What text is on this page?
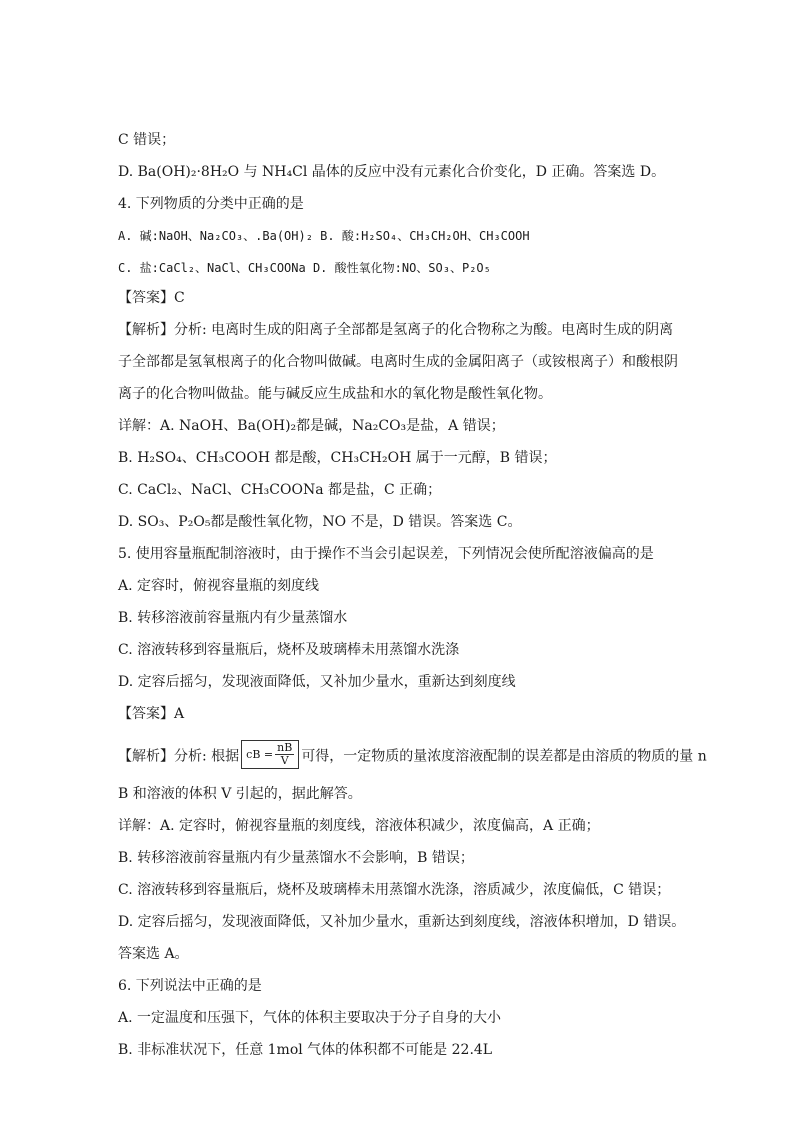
C 错误；
D. Ba(OH)₂·8H₂O 与 NH₄Cl 晶体的反应中没有元素化合价变化，D 正确。答案选 D。
4. 下列物质的分类中正确的是
A. 碱:NaOH、Na₂CO₃、.Ba(OH)₂ B. 酸:H₂SO₄、CH₃CH₂OH、CH₃COOH
C. 盐:CaCl₂、NaCl、CH₃COONa D. 酸性氧化物:NO、SO₃、P₂O₅
【答案】C
【解析】分析: 电离时生成的阳离子全部都是氢离子的化合物称之为酸。电离时生成的阴离
子全部都是氢氧根离子的化合物叫做碱。电离时生成的金属阳离子（或铵根离子）和酸根阴
离子的化合物叫做盐。能与碱反应生成盐和水的氧化物是酸性氧化物。
详解：A. NaOH、Ba(OH)₂都是碱，Na₂CO₃是盐，A 错误；
B. H₂SO₄、CH₃COOH 都是酸，CH₃CH₂OH 属于一元醇，B 错误；
C. CaCl₂、NaCl、CH₃COONa 都是盐，C 正确；
D. SO₃、P₂O₅都是酸性氧化物，NO 不是，D 错误。答案选 C。
5. 使用容量瓶配制溶液时，由于操作不当会引起误差，下列情况会使所配溶液偏高的是
A. 定容时，俯视容量瓶的刻度线
B. 转移溶液前容量瓶内有少量蒸馏水
C. 溶液转移到容量瓶后，烧杯及玻璃棒未用蒸馏水洗涤
D. 定容后摇匀，发现液面降低，又补加少量水，重新达到刻度线
【答案】A
【解析】分析: 根据 cB = $\frac{nB}{V}$ 可得，一定物质的量浓度溶液配制的误差都是由溶质的物质的量 n
B 和溶液的体积 V 引起的，据此解答。
详解：A. 定容时，俯视容量瓶的刻度线，溶液体积减少，浓度偏高，A 正确；
B. 转移溶液前容量瓶内有少量蒸馏水不会影响，B 错误；
C. 溶液转移到容量瓶后，烧杯及玻璃棒未用蒸馏水洗涤，溶质减少，浓度偏低，C 错误；
D. 定容后摇匀，发现液面降低，又补加少量水，重新达到刻度线，溶液体积增加，D 错误。
答案选 A。
6. 下列说法中正确的是
A. 一定温度和压强下，气体的体积主要取决于分子自身的大小
B. 非标准状况下，任意 1mol 气体的体积都不可能是 22.4L
